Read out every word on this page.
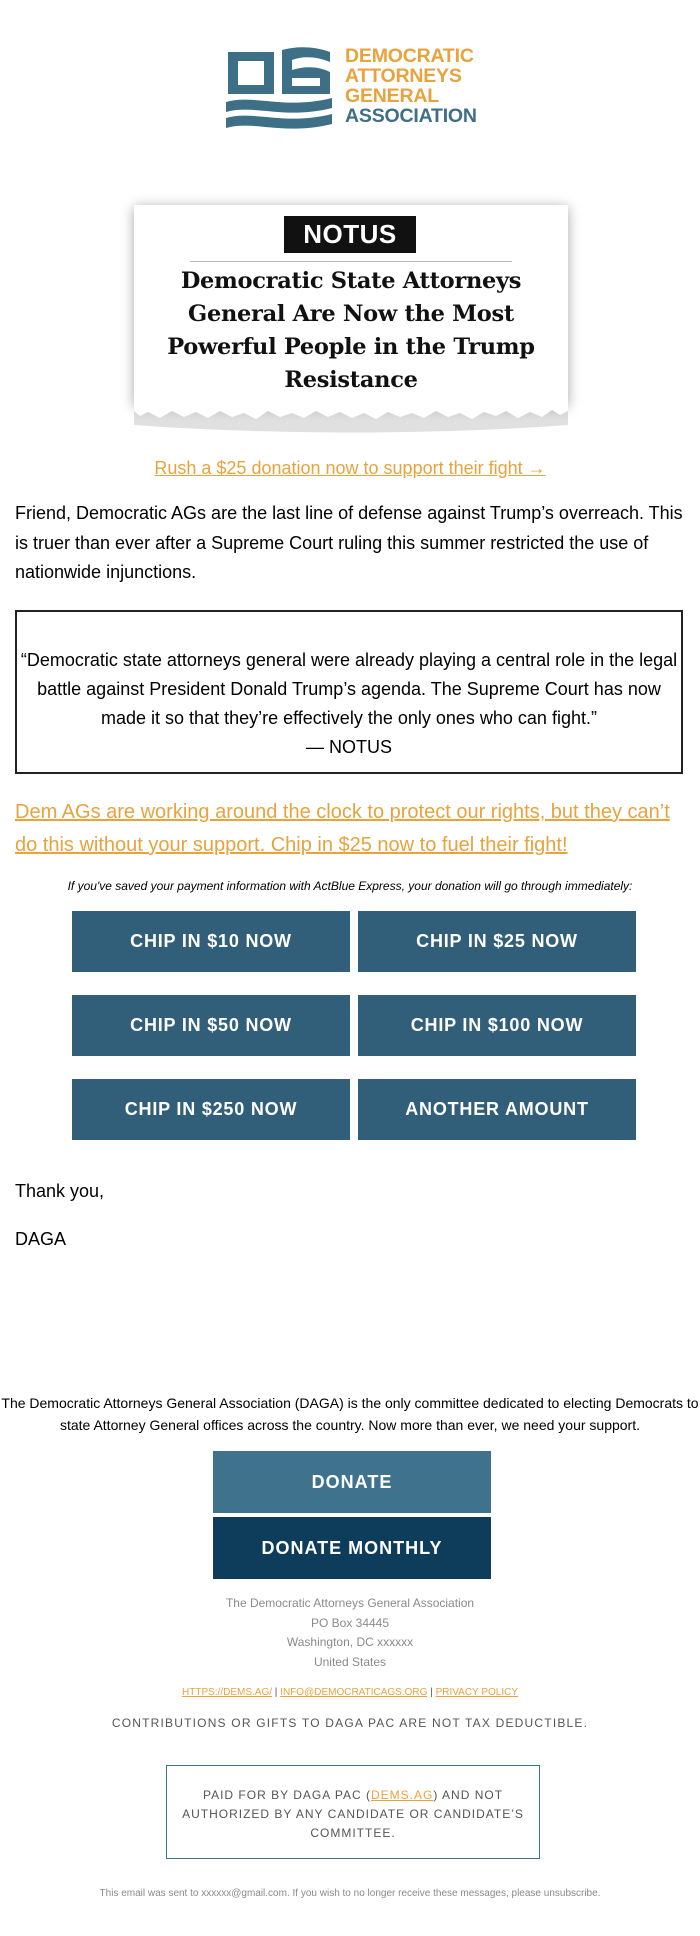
DEMOCRATIC
ATTORNEYS
GENERAL
ASSOCIATION
NOTUS
Democratic State Attorneys General Are Now the Most Powerful People in the Trump Resistance
Rush a $25 donation now to support their fight →
Friend, Democratic AGs are the last line of defense against Trump’s overreach. This is truer than ever after a Supreme Court ruling this summer restricted the use of nationwide injunctions.
“Democratic state attorneys general were already playing a central role in the legal battle against President Donald Trump’s agenda. The Supreme Court has now made it so that they’re effectively the only ones who can fight.”
— NOTUS
Dem AGs are working around the clock to protect our rights, but they can’t do this without your support. Chip in $25 now to fuel their fight!
If you've saved your payment information with ActBlue Express, your donation will go through immediately:
CHIP IN $10 NOW	CHIP IN $25 NOW
CHIP IN $50 NOW	CHIP IN $100 NOW
CHIP IN $250 NOW	ANOTHER AMOUNT
Thank you,
DAGA
The Democratic Attorneys General Association (DAGA) is the only committee dedicated to electing Democrats to state Attorney General offices across the country. Now more than ever, we need your support.
DONATE
DONATE MONTHLY
The Democratic Attorneys General Association
PO Box 34445
Washington, DC xxxxxx
United States
HTTPS://DEMS.AG/ | INFO@DEMOCRATICAGS.ORG | PRIVACY POLICY
CONTRIBUTIONS OR GIFTS TO DAGA PAC ARE NOT TAX DEDUCTIBLE.
PAID FOR BY DAGA PAC (DEMS.AG) AND NOT AUTHORIZED BY ANY CANDIDATE OR CANDIDATE’S COMMITTEE.
This email was sent to xxxxxx@gmail.com. If you wish to no longer receive these messages, please unsubscribe.
